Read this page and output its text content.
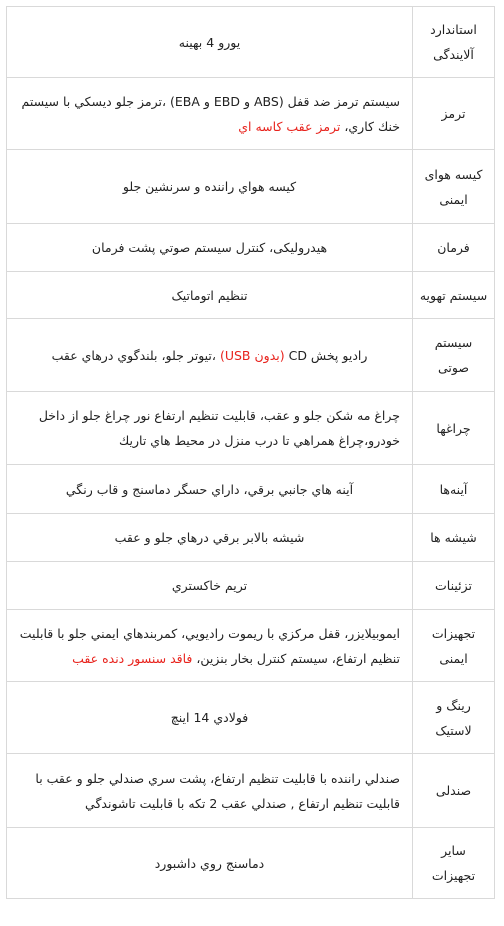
استاندارد آلایندگی	یورو 4 بهینه
ترمز	سیستم ترمز ضد قفل (ABS و EBD و EBA) ،ترمز جلو دیسكي با سیستم خنك كاري، ترمز عقب كاسه اي
کیسه هوای ایمنی	كيسه هواي راننده و سرنشين جلو
فرمان	هیدرولیکی، کنترل سیستم صوتي پشت فرمان
سیستم تهویه	تنظیم اتوماتیک
سیستم صوتی	رادیو پخش CD (بدون USB) ،تيوتر جلو، بلندگوي درهاي عقب
چراغها	چراغ مه شكن جلو و عقب، قابليت تنظيم ارتفاع نور چراغ جلو از داخل خودرو،چراغ همراهي تا درب منزل در محيط هاي تاريك
آینه‌ها	آينه هاي جانبي برقي، داراي حسگر دماسنج و قاب رنگي
شیشه ها	شيشه بالابر برقي درهاي جلو و عقب
تزئینات	تريم خاكستري
تجهیزات ایمنی	ايموبيلايزر، قفل مركزي با ريموت راديويي، كمربندهاي ايمني جلو با قابليت تنظيم ارتفاع، سيستم كنترل بخار بنزين، فاقد سنسور دنده عقب
رینگ و لاستیک	فولادي 14 اينچ
صندلی	صندلي راننده با قابليت تنظيم ارتفاع، پشت سري صندلي جلو و عقب با قابليت تنظيم ارتفاع , صندلي عقب 2 تكه با قابليت تاشوندگي
سایر تجهیزات	دماسنج روي داشبورد
